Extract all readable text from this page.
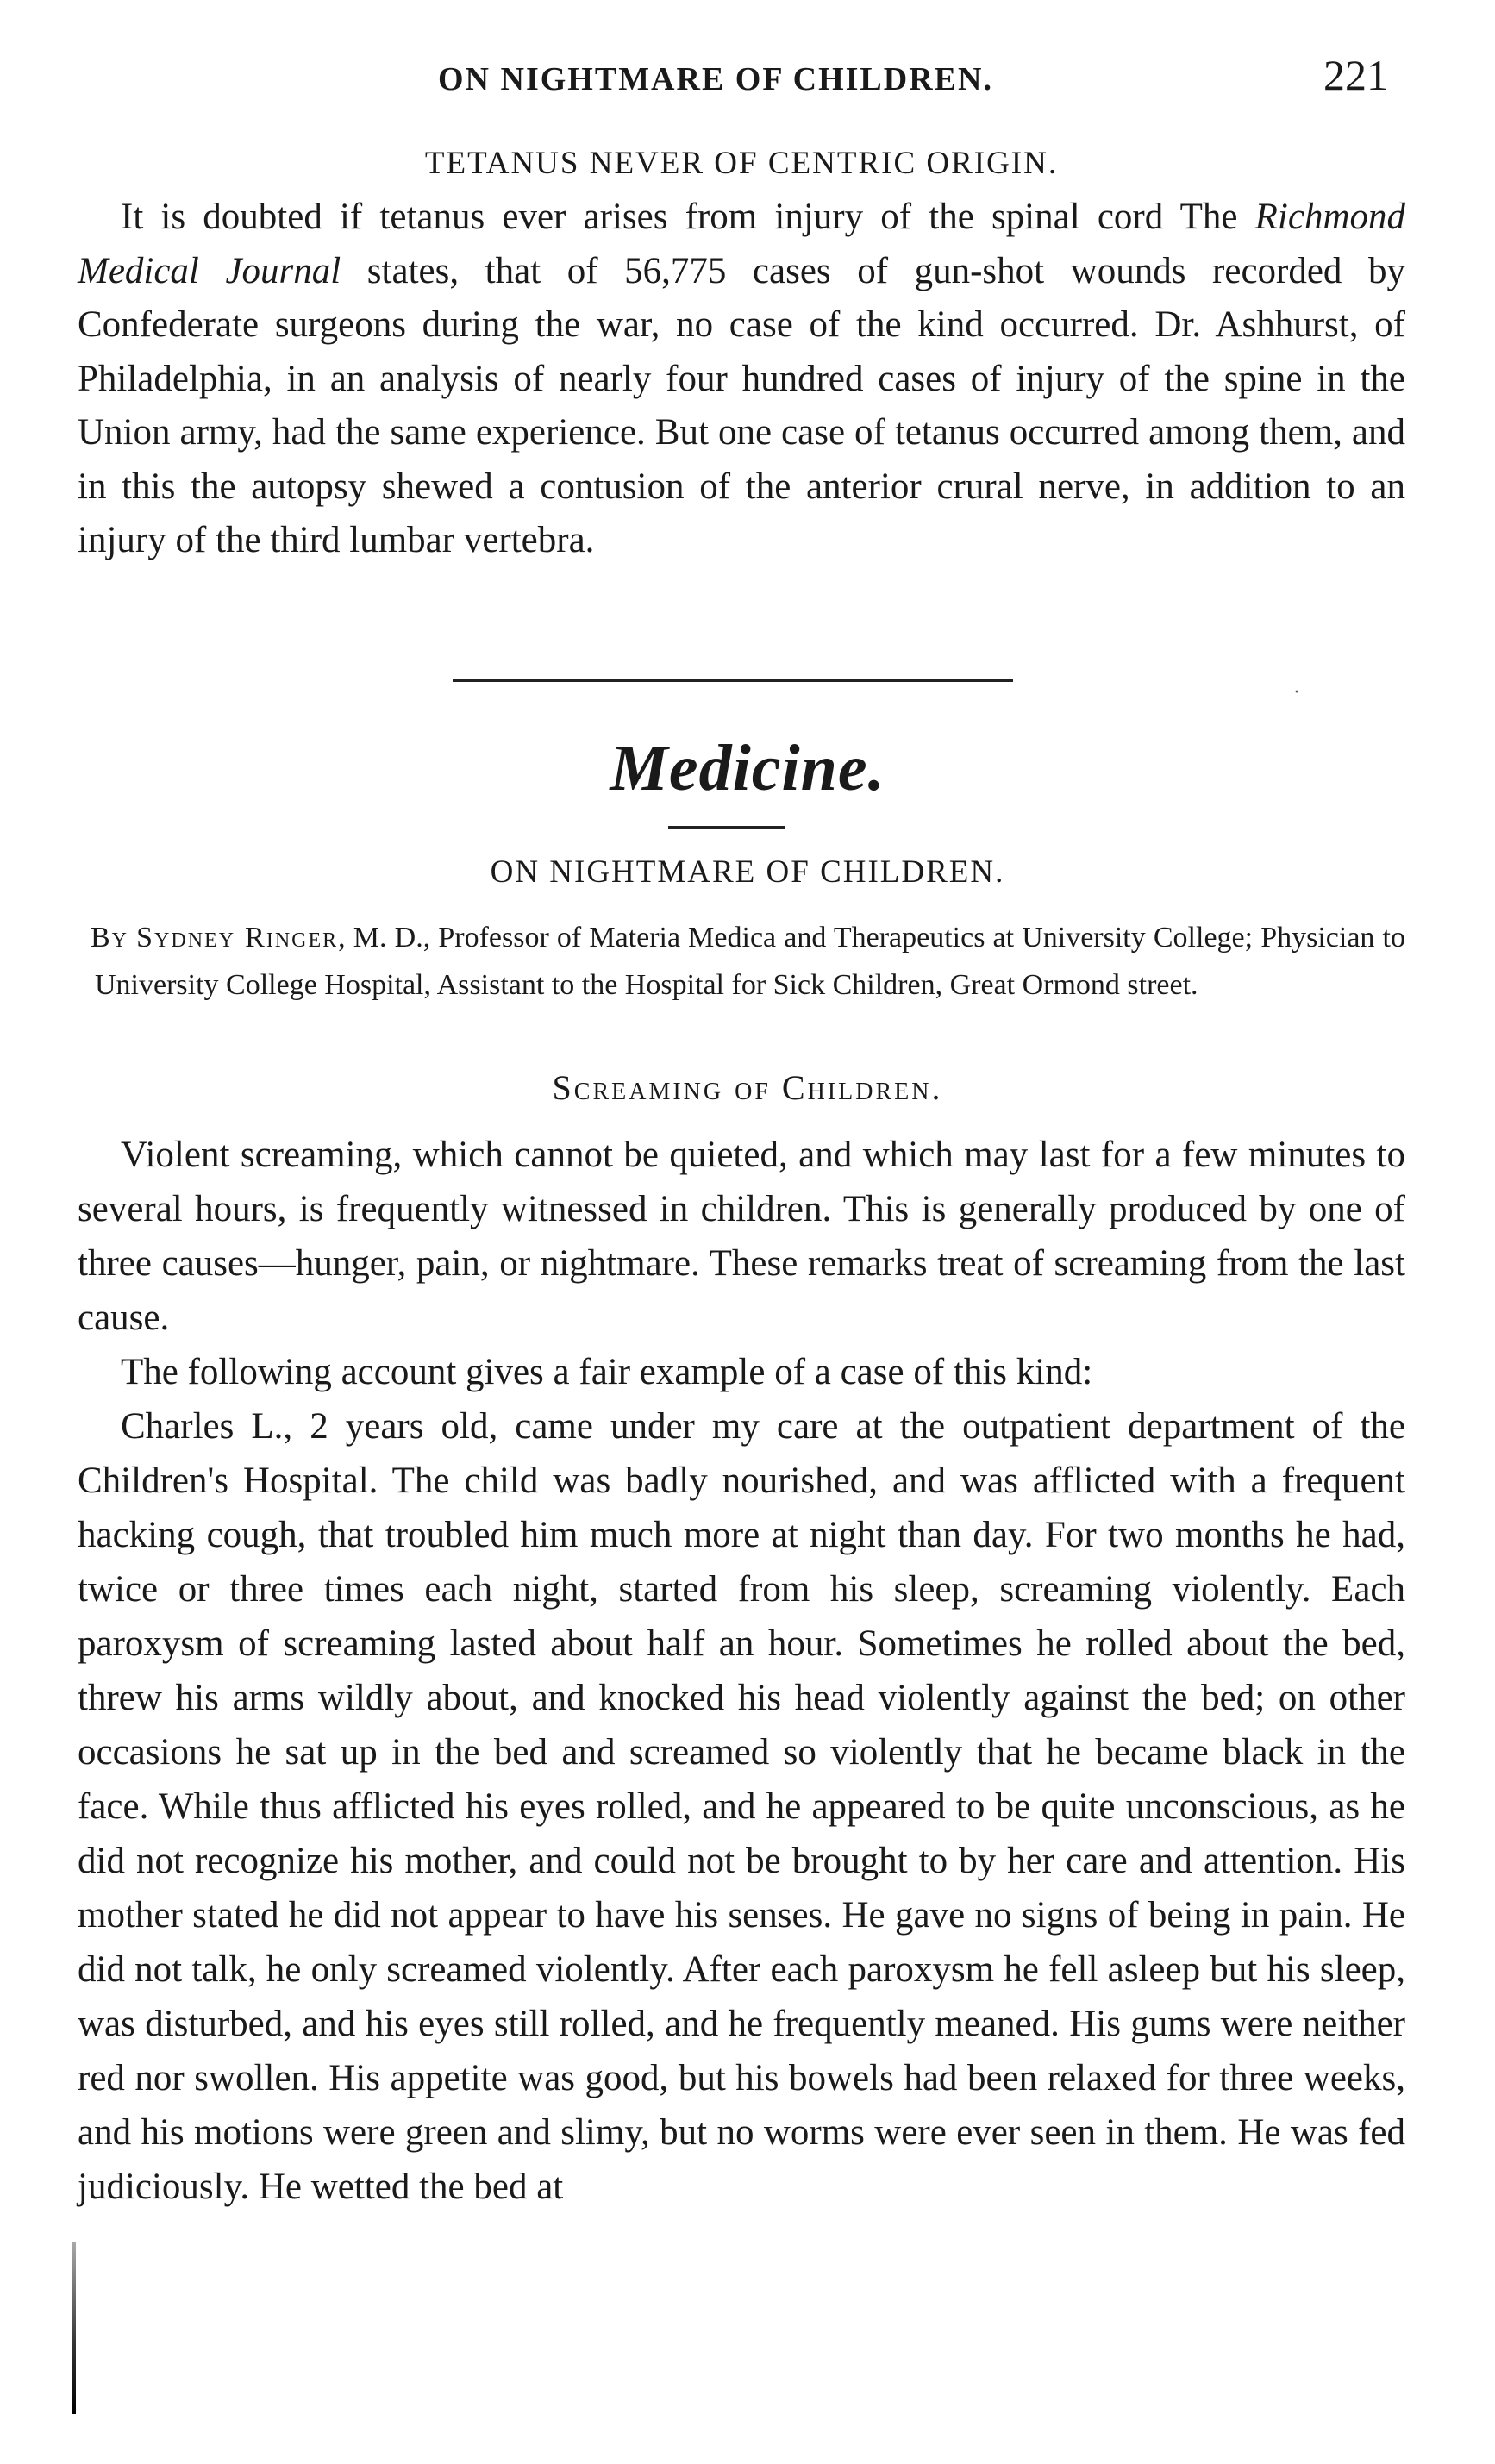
ON NIGHTMARE OF CHILDREN.	221
TETANUS NEVER OF CENTRIC ORIGIN.

It is doubted if tetanus ever arises from injury of the spinal cord The Richmond Medical Journal states, that of 56,775 cases of gun-shot wounds recorded by Confederate surgeons during the war, no case of the kind occurred. Dr. Ashhurst, of Philadelphia, in an analysis of nearly four hundred cases of injury of the spine in the Union army, had the same experience. But one case of tetanus occurred among them, and in this the autopsy shewed a contusion of the anterior crural nerve, in addition to an injury of the third lumbar vertebra.

·
Medicine.
ON NIGHTMARE OF CHILDREN.
By Sydney Ringer, M. D., Professor of Materia Medica and Therapeutics at University College; Physician to University College Hospital, Assistant to the Hospital for Sick Children, Great Ormond street.
Screaming of Children.

Violent screaming, which cannot be quieted, and which may last for a few minutes to several hours, is frequently witnessed in children. This is generally produced by one of three causes—hunger, pain, or nightmare. These remarks treat of screaming from the last cause.

The following account gives a fair example of a case of this kind:

Charles L., 2 years old, came under my care at the outpatient department of the Children's Hospital. The child was badly nourished, and was afflicted with a frequent hacking cough, that troubled him much more at night than day. For two months he had, twice or three times each night, started from his sleep, screaming violently. Each paroxysm of screaming lasted about half an hour. Sometimes he rolled about the bed, threw his arms wildly about, and knocked his head violently against the bed; on other occasions he sat up in the bed and screamed so violently that he became black in the face. While thus afflicted his eyes rolled, and he appeared to be quite unconscious, as he did not recognize his mother, and could not be brought to by her care and attention. His mother stated he did not appear to have his senses. He gave no signs of being in pain. He did not talk, he only screamed violently. After each paroxysm he fell asleep but his sleep, was disturbed, and his eyes still rolled, and he frequently meaned. His gums were neither red nor swollen. His appetite was good, but his bowels had been relaxed for three weeks, and his motions were green and slimy, but no worms were ever seen in them. He was fed judiciously. He wetted the bed at
